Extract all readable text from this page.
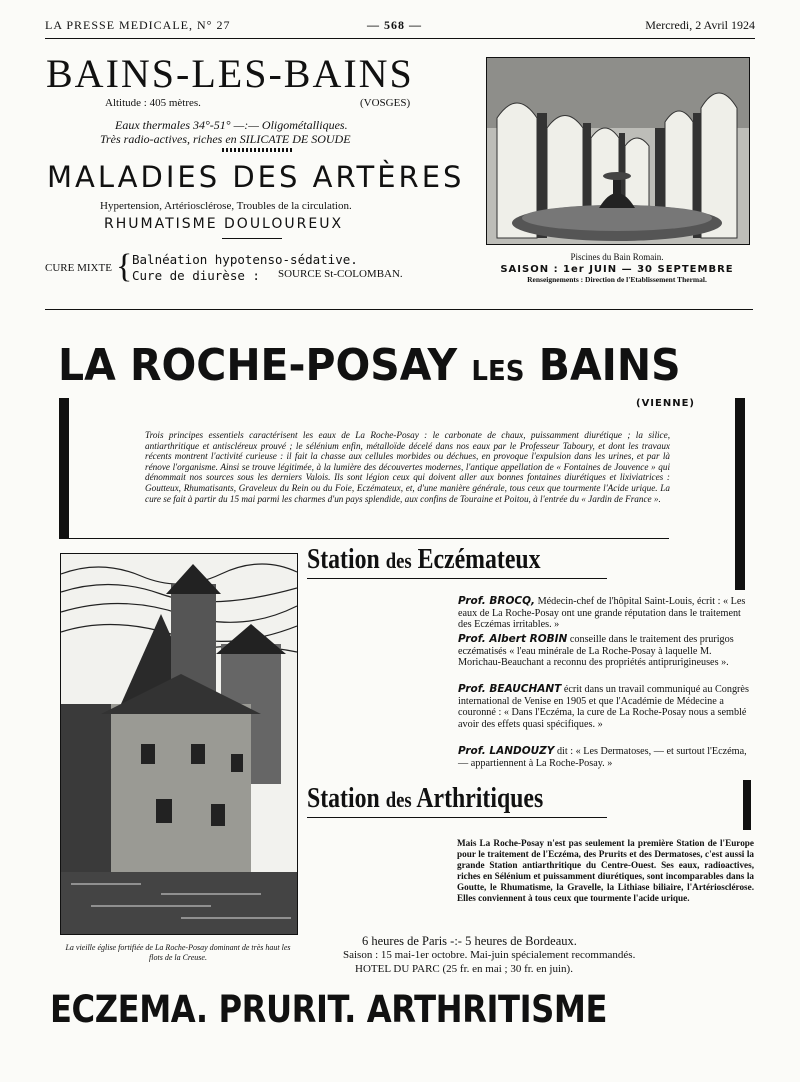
LA PRESSE MEDICALE, N° 27	— 568 —	Mercredi, 2 Avril 1924
BAINS-LES-BAINS
Altitude : 405 mètres.	(VOSGES)
Eaux thermales 34°-51° —:— Oligométalliques.
Très radio-actives, riches en SILICATE DE SOUDE
MALADIES DES ARTÈRES
Hypertension, Artériosclérose, Troubles de la circulation.
RHUMATISME DOULOUREUX
CURE MIXTE { Balnéation hypotenso-sédative.
Cure de diurèse : SOURCE St-COLOMBAN.
Piscines du Bain Romain.
SAISON : 1er JUIN — 30 SEPTEMBRE
Renseignements : Direction de l'Etablissement Thermal.
LA ROCHE-POSAY LES BAINS
(VIENNE)
Trois principes essentiels caractérisent les eaux de La Roche-Posay : le carbonate de chaux, puissamment diurétique ; la silice, antiarthritique et antiscléreux prouvé ; le sélénium enfin, métalloïde décelé dans nos eaux par le Professeur Taboury, et dont les travaux récents montrent l'activité curieuse : il fait la chasse aux cellules morbides ou déchues, en provoque l'expulsion dans les urines, et par là rénove l'organisme. Ainsi se trouve légitimée, à la lumière des découvertes modernes, l'antique appellation de « Fontaines de Jouvence » qui dénommait nos sources sous les derniers Valois. Ils sont légion ceux qui doivent aller aux bonnes fontaines diurétiques et lixiviatrices : Goutteux, Rhumatisants, Graveleux du Rein ou du Foie, Eczémateux, et, d'une manière générale, tous ceux que tourmente l'Acide urique. La cure se fait à partir du 15 mai parmi les charmes d'un pays splendide, aux confins de Touraine et Poitou, à l'entrée du « Jardin de France ».
La vieille église fortifiée de La Roche-Posay dominant de très haut les flots de la Creuse.
Station des Eczémateux
Prof. BROCQ, Médecin-chef de l'hôpital Saint-Louis, écrit : « Les eaux de La Roche-Posay ont une grande réputation dans le traitement des Eczémas irritables. »
Prof. Albert ROBIN conseille dans le traitement des prurigos eczématisés « l'eau minérale de La Roche-Posay à laquelle M. Morichau-Beauchant a reconnu des propriétés antiprurigineuses ».
Prof. BEAUCHANT écrit dans un travail communiqué au Congrès international de Venise en 1905 et que l'Académie de Médecine a couronné : « Dans l'Eczéma, la cure de La Roche-Posay nous a semblé avoir des effets quasi spécifiques. »
Prof. LANDOUZY dit : « Les Dermatoses, — et surtout l'Eczéma, — appartiennent à La Roche-Posay. »
Station des Arthritiques
Mais La Roche-Posay n'est pas seulement la première Station de l'Europe pour le traitement de l'Eczéma, des Prurits et des Dermatoses, c'est aussi la grande Station antiarthritique du Centre-Ouest. Ses eaux, radioactives, riches en Sélénium et puissamment diurétiques, sont incomparables dans la Goutte, le Rhumatisme, la Gravelle, la Lithiase biliaire, l'Artériosclérose. Elles conviennent à tous ceux que tourmente l'acide urique.
6 heures de Paris -:- 5 heures de Bordeaux.
Saison : 15 mai-1er octobre. Mai-juin spécialement recommandés.
HOTEL DU PARC (25 fr. en mai ; 30 fr. en juin).
ECZEMA. PRURIT. ARTHRITISME
